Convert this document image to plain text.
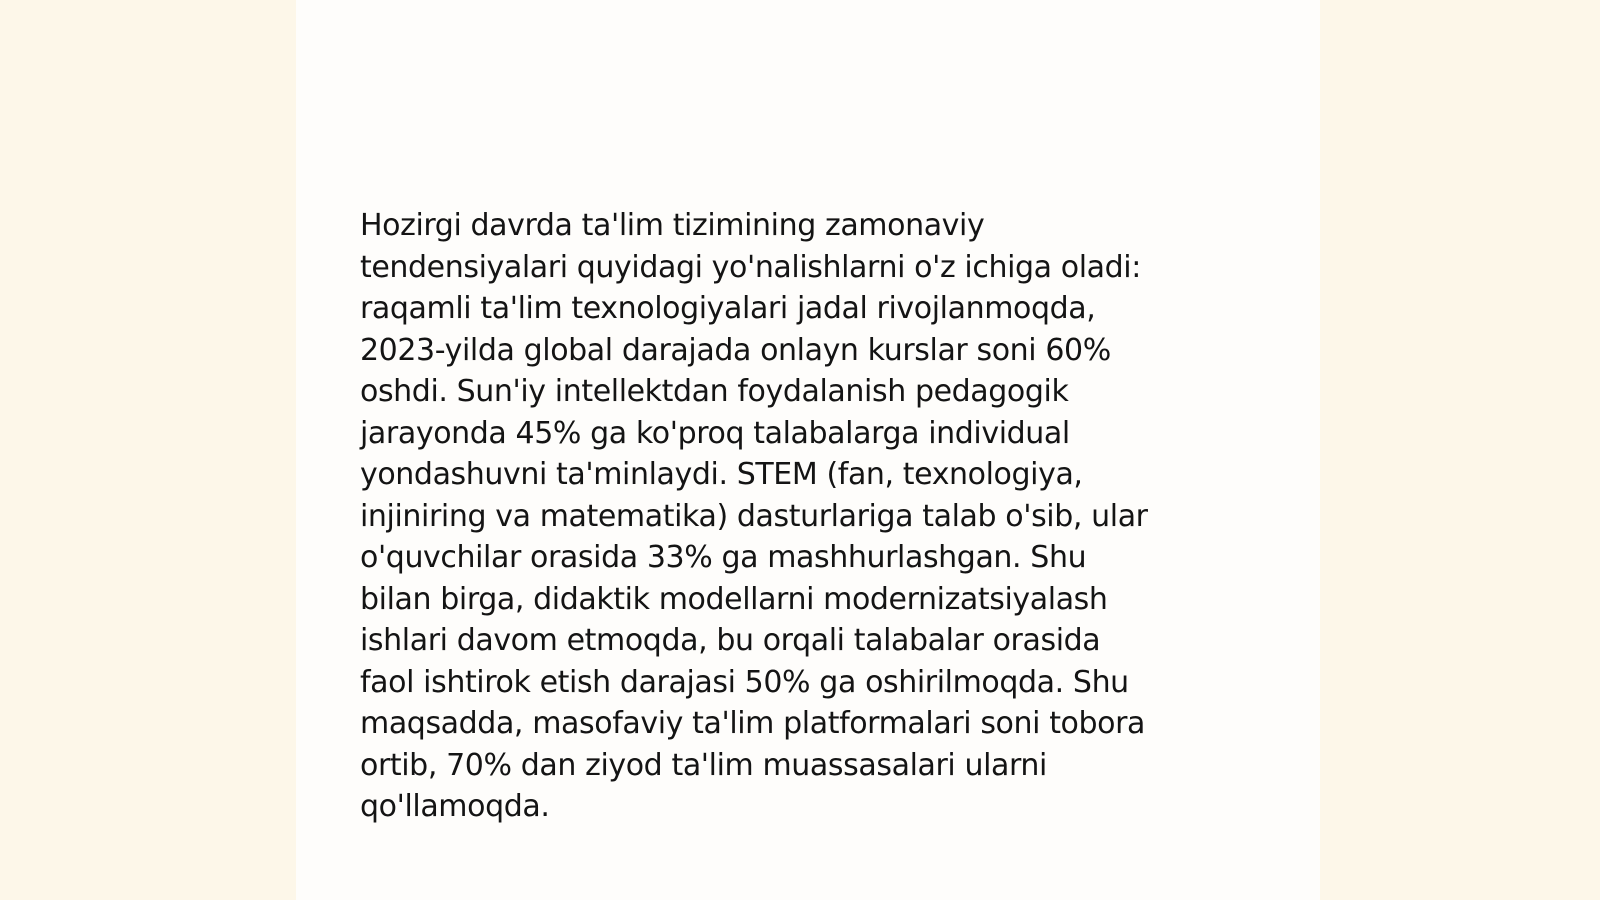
Hozirgi davrda ta'lim tizimining zamonaviy
tendensiyalari quyidagi yo'nalishlarni o'z ichiga oladi:
raqamli ta'lim texnologiyalari jadal rivojlanmoqda,
2023-yilda global darajada onlayn kurslar soni 60%
oshdi. Sun'iy intellektdan foydalanish pedagogik
jarayonda 45% ga ko'proq talabalarga individual
yondashuvni ta'minlaydi. STEM (fan, texnologiya,
injiniring va matematika) dasturlariga talab o'sib, ular
o'quvchilar orasida 33% ga mashhurlashgan. Shu
bilan birga, didaktik modellarni modernizatsiyalash
ishlari davom etmoqda, bu orqali talabalar orasida
faol ishtirok etish darajasi 50% ga oshirilmoqda. Shu
maqsadda, masofaviy ta'lim platformalari soni tobora
ortib, 70% dan ziyod ta'lim muassasalari ularni
qo'llamoqda.
